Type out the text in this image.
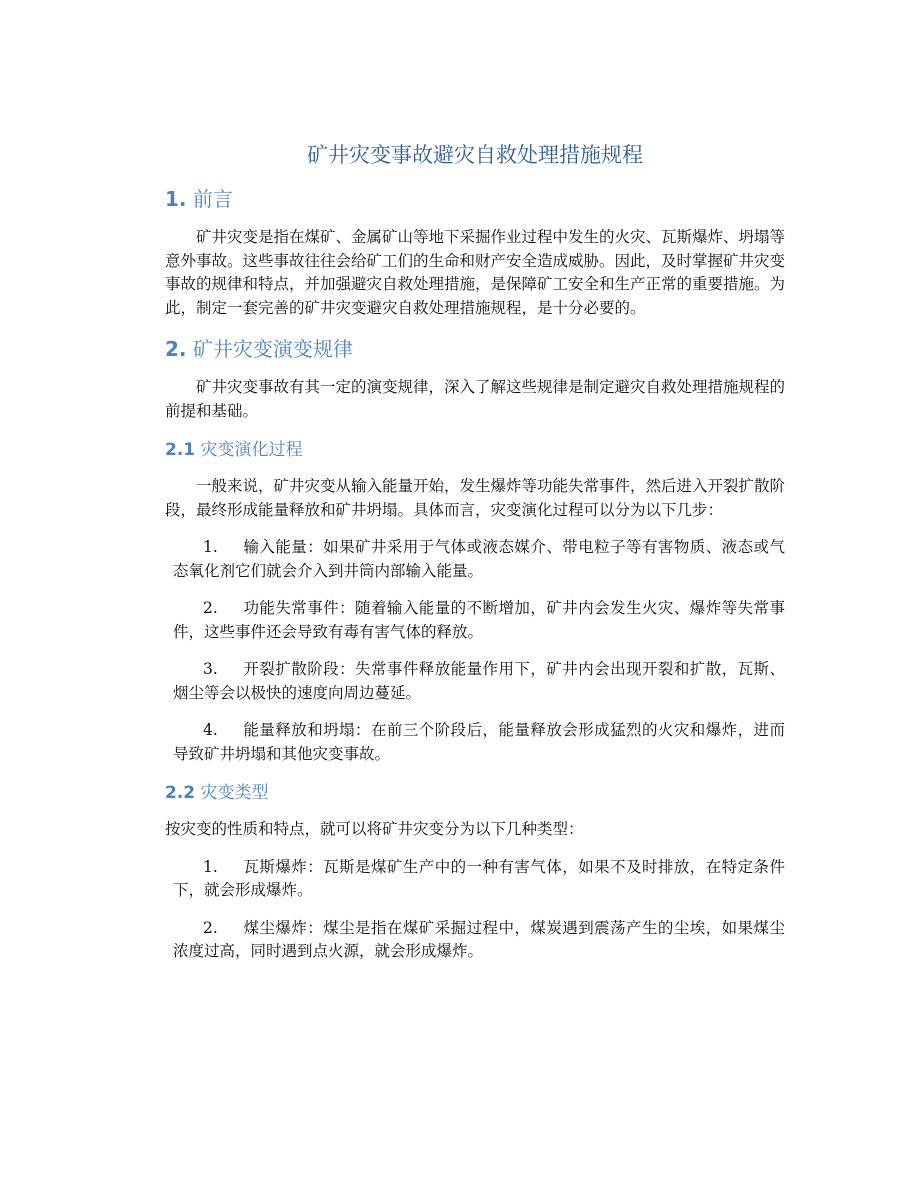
矿井灾变事故避灾自救处理措施规程
1. 前言

  矿井灾变是指在煤矿、金属矿山等地下采掘作业过程中发生的火灾、瓦斯爆炸、坍塌等意外事故。这些事故往往会给矿工们的生命和财产安全造成威胁。因此，及时掌握矿井灾变事故的规律和特点，并加强避灾自救处理措施，是保障矿工安全和生产正常的重要措施。为此，制定一套完善的矿井灾变避灾自救处理措施规程，是十分必要的。

2. 矿井灾变演变规律

  矿井灾变事故有其一定的演变规律，深入了解这些规律是制定避灾自救处理措施规程的前提和基础。

2.1 灾变演化过程

  一般来说，矿井灾变从输入能量开始，发生爆炸等功能失常事件，然后进入开裂扩散阶段，最终形成能量释放和矿井坍塌。具体而言，灾变演化过程可以分为以下几步：

1. 输入能量：如果矿井采用于气体或液态媒介、带电粒子等有害物质、液态或气态氧化剂它们就会介入到井筒内部输入能量。
2. 功能失常事件：随着输入能量的不断增加，矿井内会发生火灾、爆炸等失常事件，这些事件还会导致有毒有害气体的释放。
3. 开裂扩散阶段：失常事件释放能量作用下，矿井内会出现开裂和扩散，瓦斯、烟尘等会以极快的速度向周边蔓延。
4. 能量释放和坍塌：在前三个阶段后，能量释放会形成猛烈的火灾和爆炸，进而导致矿井坍塌和其他灾变事故。
2.2 灾变类型

按灾变的性质和特点，就可以将矿井灾变分为以下几种类型：

1. 瓦斯爆炸：瓦斯是煤矿生产中的一种有害气体，如果不及时排放，在特定条件下，就会形成爆炸。
2. 煤尘爆炸：煤尘是指在煤矿采掘过程中，煤炭遇到震荡产生的尘埃，如果煤尘浓度过高，同时遇到点火源，就会形成爆炸。
